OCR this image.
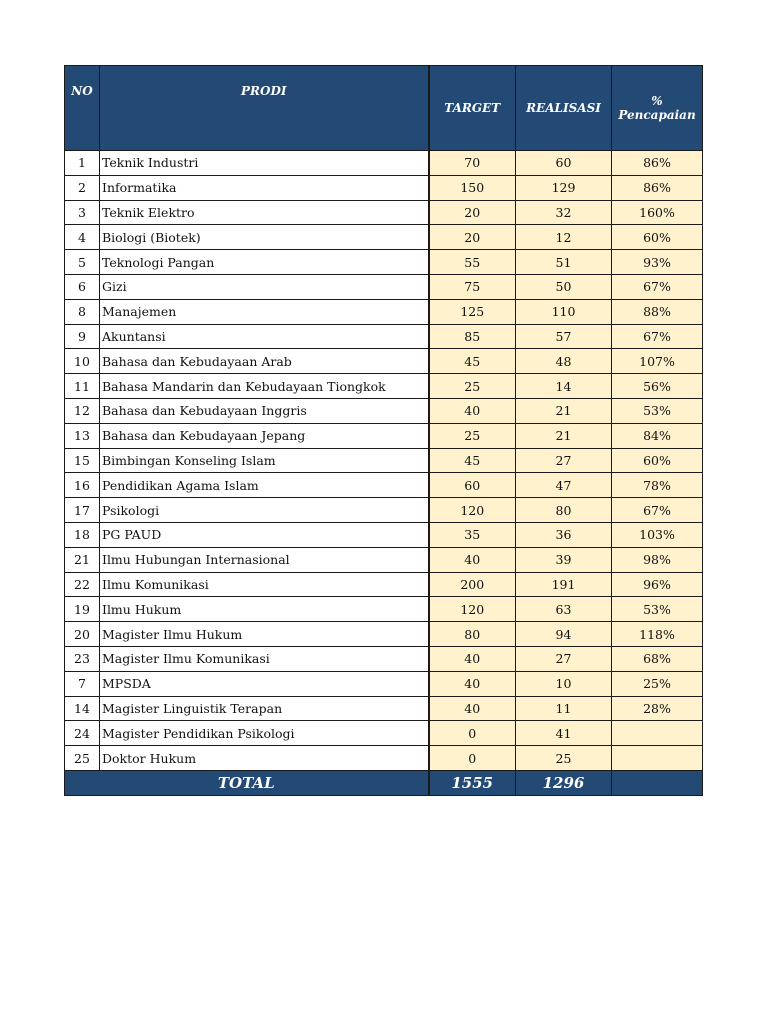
NO	PRODI	TARGET	REALISASI	%
Pencapaian
1	Teknik Industri	70	60	86%
2	Informatika	150	129	86%
3	Teknik Elektro	20	32	160%
4	Biologi (Biotek)	20	12	60%
5	Teknologi Pangan	55	51	93%
6	Gizi	75	50	67%
8	Manajemen	125	110	88%
9	Akuntansi	85	57	67%
10	Bahasa dan Kebudayaan Arab	45	48	107%
11	Bahasa Mandarin dan Kebudayaan Tiongkok	25	14	56%
12	Bahasa dan Kebudayaan Inggris	40	21	53%
13	Bahasa dan Kebudayaan Jepang	25	21	84%
15	Bimbingan Konseling Islam	45	27	60%
16	Pendidikan Agama Islam	60	47	78%
17	Psikologi	120	80	67%
18	PG PAUD	35	36	103%
21	Ilmu Hubungan Internasional	40	39	98%
22	Ilmu Komunikasi	200	191	96%
19	Ilmu Hukum	120	63	53%
20	Magister Ilmu Hukum	80	94	118%
23	Magister Ilmu Komunikasi	40	27	68%
7	MPSDA	40	10	25%
14	Magister Linguistik Terapan	40	11	28%
24	Magister Pendidikan Psikologi	0	41	
25	Doktor Hukum	0	25	
TOTAL		1555	1296	
